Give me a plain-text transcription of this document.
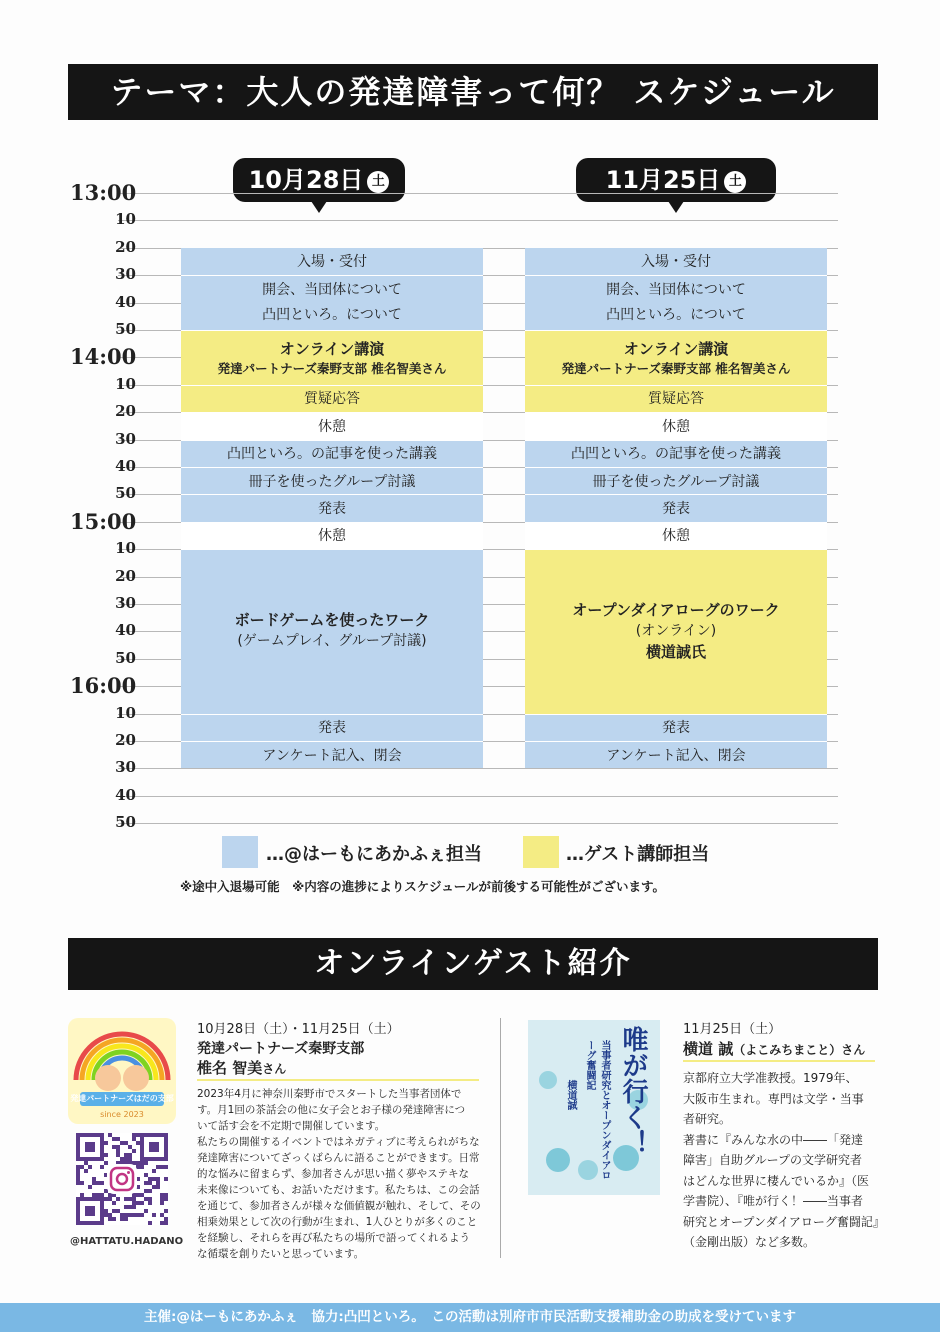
テーマ：大人の発達障害って何？ スケジュール
10月28日 土	11月25日 土
13:00
10
20
30
40
50
14:00
10
20
30
40
50
15:00
10
20
30
40
50
16:00
10
20
30
40
50
入場・受付
開会、当団体について
凸凹といろ。について
オンライン講演
発達パートナーズ秦野支部 椎名智美さん
質疑応答
休憩
凸凹といろ。の記事を使った講義
冊子を使ったグループ討議
発表
休憩
ボードゲームを使ったワーク
(ゲームプレイ、グループ討議)
発表
アンケート記入、閉会
入場・受付
開会、当団体について
凸凹といろ。について
オンライン講演
発達パートナーズ秦野支部 椎名智美さん
質疑応答
休憩
凸凹といろ。の記事を使った講義
冊子を使ったグループ討議
発表
休憩
オープンダイアローグのワーク
(オンライン)
横道誠氏
発表
アンケート記入、閉会
…@はーもにあかふぇ担当	…ゲスト講師担当
※途中入退場可能　※内容の進捗によりスケジュールが前後する可能性がございます。
オンラインゲスト紹介
発達パートナーズはだの支部
since 2023
@HATTATU.HADANO
10月28日（土）・11月25日（土）
発達パートナーズ秦野支部
椎名 智美さん
2023年4月に神奈川秦野市でスタートした当事者団体で
す。月1回の茶話会の他に女子会とお子様の発達障害につ
いて話す会を不定期で開催しています。
私たちの開催するイベントではネガティブに考えられがちな
発達障害についてざっくばらんに語ることができます。日常
的な悩みに留まらず、参加者さんが思い描く夢やステキな
未来像についても、お話いただけます。私たちは、この会話
を通じて、参加者さんが様々な価値観が触れ、そして、その
相乗効果として次の行動が生まれ、1人ひとりが多くのこと
を経験し、それらを再び私たちの場所で語ってくれるよう
な循環を創りたいと思っています。
唯が行く！
当事者研究とオープンダイアローグ奮闘記
横道誠
11月25日（土）
横道 誠（よこみちまこと）さん
京都府立大学准教授。1979年、
大阪市生まれ。専門は文学・当事
者研究。
著書に『みんな水の中――「発達
障害」自助グループの文学研究者
はどんな世界に棲んでいるか』（医
学書院）、『唯が行く！――当事者
研究とオープンダイアローグ奮闘記』
（金剛出版）など多数。
主催:@はーもにあかふぇ　協力:凸凹といろ。　この活動は別府市市民活動支援補助金の助成を受けています
